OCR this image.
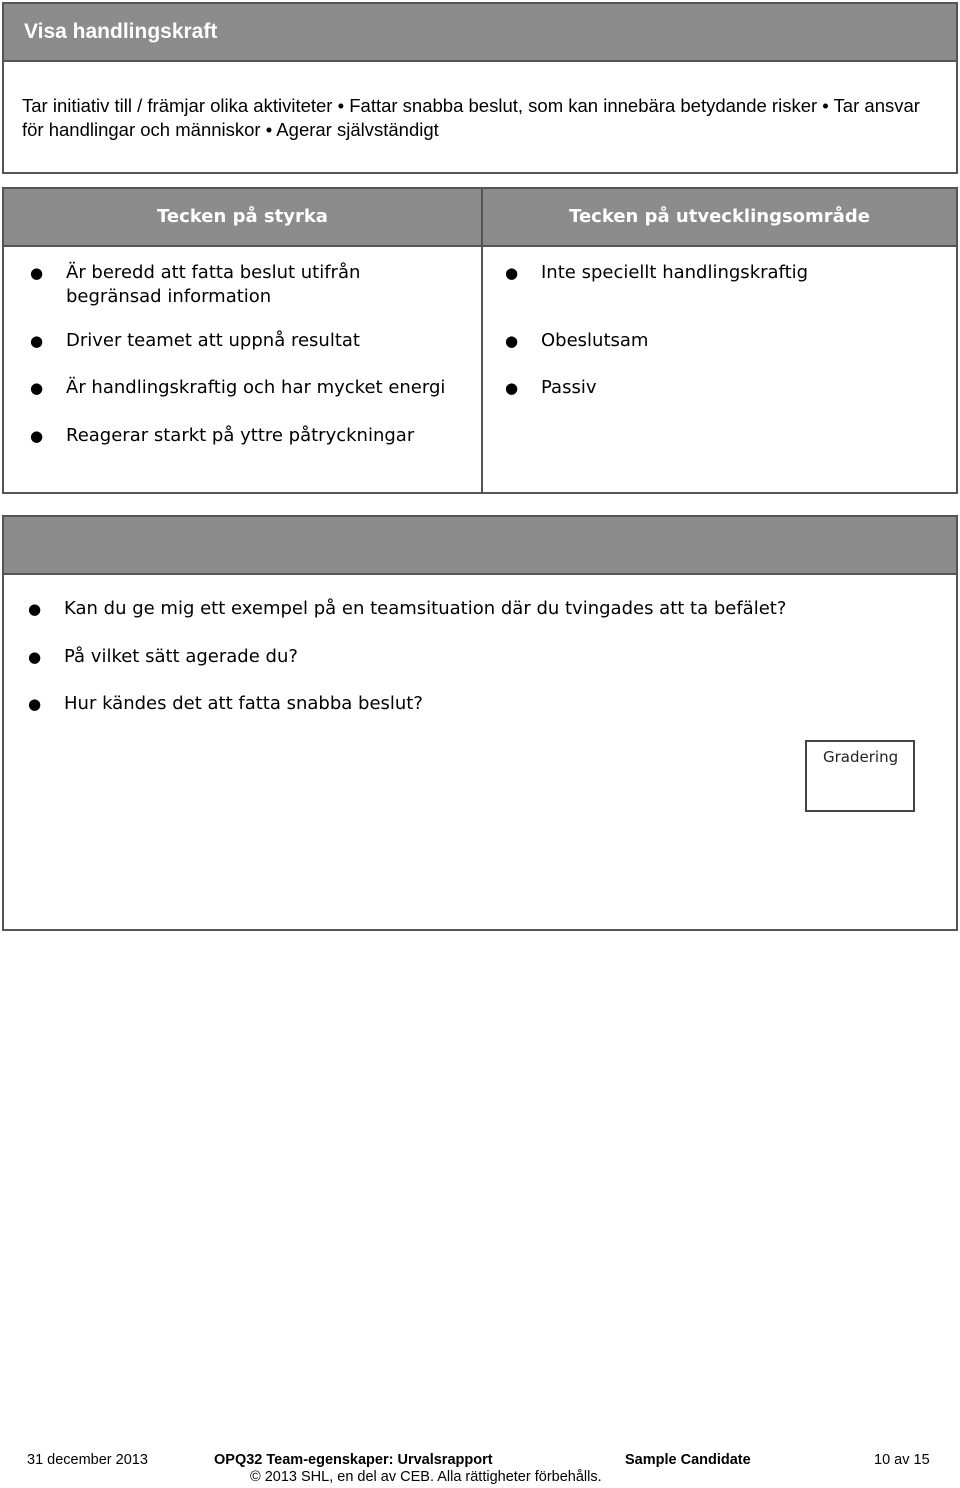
Visa handlingskraft
Tar initiativ till / främjar olika aktiviteter • Fattar snabba beslut, som kan innebära betydande risker • Tar ansvar för handlingar och människor • Agerar självständigt
Tecken på styrka
●	Är beredd att fatta beslut utifrån begränsad information
●	Driver teamet att uppnå resultat
●	Är handlingskraftig och har mycket energi
●	Reagerar starkt på yttre påtryckningar
Tecken på utvecklingsområde
●	Inte speciellt handlingskraftig
●	Obeslutsam
●	Passiv
●	Kan du ge mig ett exempel på en teamsituation där du tvingades att ta befälet?
●	På vilket sätt agerade du?
●	Hur kändes det att fatta snabba beslut?
Gradering
31 december 2013	OPQ32 Team-egenskaper: Urvalsrapport	Sample Candidate	10 av 15
© 2013 SHL, en del av CEB. Alla rättigheter förbehålls.
